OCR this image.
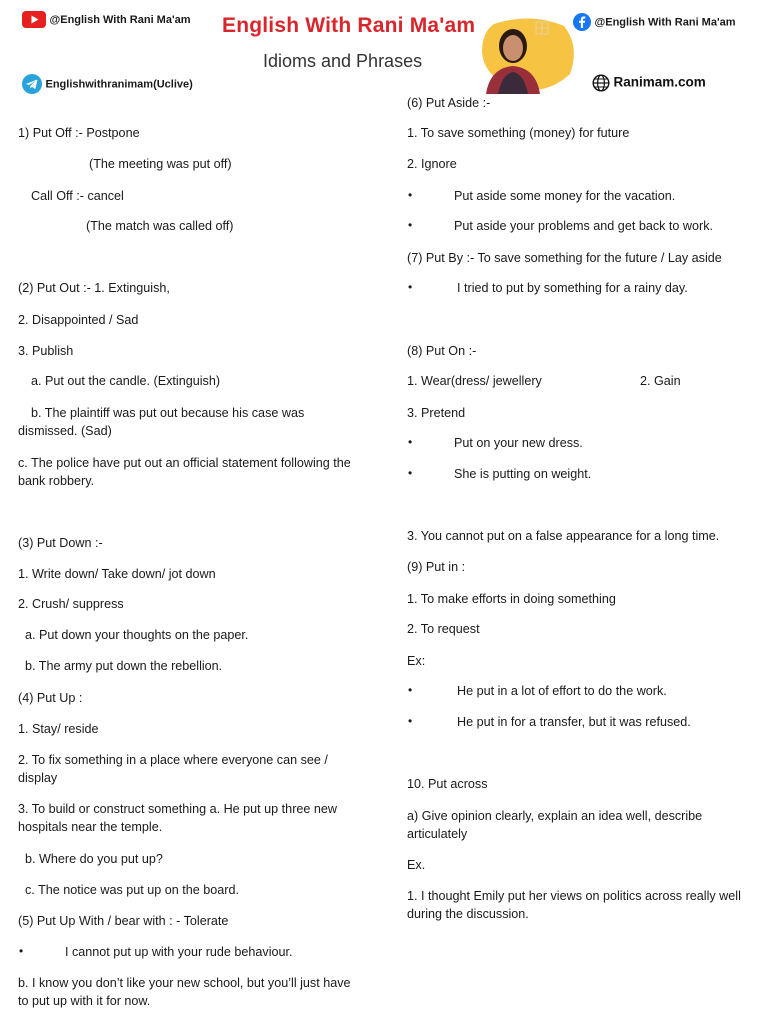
@English With Rani Ma'am English With Rani Ma'am
Idioms and Phrases
@English With Rani Ma'am
Englishwithranimam(Uclive)	Ranimam.com
1) Put Off :- Postpone
(The meeting was put off)
Call Off :- cancel
(The match was called off)
(2) Put Out :- 1. Extinguish,
2. Disappointed / Sad
3. Publish
a. Put out the candle. (Extinguish)
b. The plaintiff was put out because his case was dismissed. (Sad)
c. The police have put out an official statement following the bank robbery.
(3) Put Down :-
1. Write down/ Take down/ jot down
2. Crush/ suppress
a. Put down your thoughts on the paper.
b. The army put down the rebellion.
(4) Put Up :
1. Stay/ reside
2. To fix something in a place where everyone can see / display
3. To build or construct something a. He put up three new hospitals near the temple.
b. Where do you put up?
c. The notice was put up on the board.
(5) Put Up With / bear with : - Tolerate
•	I cannot put up with your rude behaviour.
b. I know you don’t like your new school, but you’ll just have to put up with it for now.
(6) Put Aside :-
1. To save something (money) for future
2. Ignore
•	Put aside some money for the vacation.
•	Put aside your problems and get back to work.
(7) Put By :- To save something for the future / Lay aside
•	I tried to put by something for a rainy day.
(8) Put On :-
1. Wear(dress/ jewellery	2. Gain
3. Pretend
•	Put on your new dress.
•	She is putting on weight.
3. You cannot put on a false appearance for a long time.
(9) Put in :
1. To make efforts in doing something
2. To request
Ex:
•	He put in a lot of effort to do the work.
•	He put in for a transfer, but it was refused.
10. Put across
a) Give opinion clearly, explain an idea well, describe articulately
Ex.
1. I thought Emily put her views on politics across really well during the discussion.
